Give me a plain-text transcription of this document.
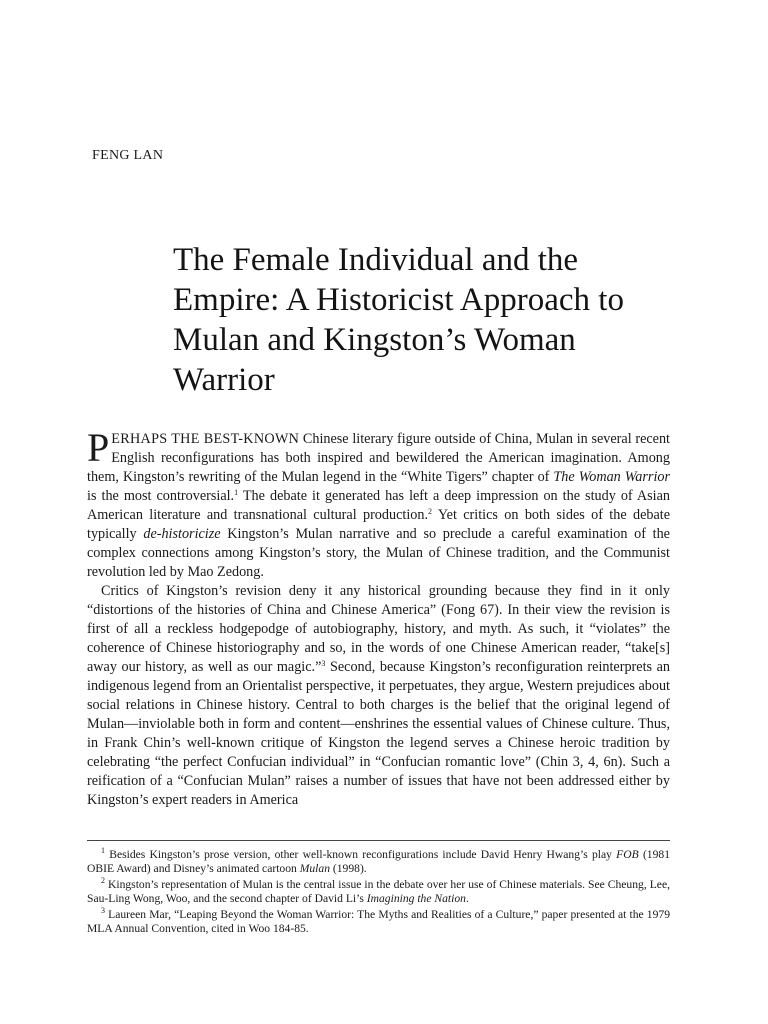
FENG LAN
The Female Individual and the Empire: A Historicist Approach to Mulan and Kingston’s Woman Warrior

PERHAPS THE BEST-KNOWN Chinese literary figure outside of China, Mulan in several recent English reconfigurations has both inspired and bewildered the American imagination. Among them, Kingston’s rewriting of the Mulan legend in the “White Tigers” chapter of The Woman Warrior is the most controversial.$^1$ The debate it generated has left a deep impression on the study of Asian American literature and transnational cultural production.$^2$ Yet critics on both sides of the debate typically de-historicize Kingston’s Mulan narrative and so preclude a careful examination of the complex connections among Kingston’s story, the Mulan of Chinese tradition, and the Communist revolution led by Mao Zedong.

Critics of Kingston’s revision deny it any historical grounding because they find in it only “distortions of the histories of China and Chinese America” (Fong 67). In their view the revision is first of all a reckless hodgepodge of autobiography, history, and myth. As such, it “violates” the coherence of Chinese historiography and so, in the words of one Chinese American reader, “take[s] away our history, as well as our magic.”$^3$ Second, because Kingston’s reconfiguration reinterprets an indigenous legend from an Orientalist perspective, it perpetuates, they argue, Western prejudices about social relations in Chinese history. Central to both charges is the belief that the original legend of Mulan—inviolable both in form and content—enshrines the essential values of Chinese culture. Thus, in Frank Chin’s well-known critique of Kingston the legend serves a Chinese heroic tradition by celebrating “the perfect Confucian individual” in “Confucian romantic love” (Chin 3, 4, 6n). Such a reification of a “Confucian Mulan” raises a number of issues that have not been addressed either by Kingston’s expert readers in America

$^1$ Besides Kingston’s prose version, other well-known reconfigurations include David Henry Hwang’s play FOB (1981 OBIE Award) and Disney’s animated cartoon Mulan (1998).

$^2$ Kingston’s representation of Mulan is the central issue in the debate over her use of Chinese materials. See Cheung, Lee, Sau-Ling Wong, Woo, and the second chapter of David Li’s Imagining the Nation.

$^3$ Laureen Mar, “Leaping Beyond the Woman Warrior: The Myths and Realities of a Culture,” paper presented at the 1979 MLA Annual Convention, cited in Woo 184-85.
